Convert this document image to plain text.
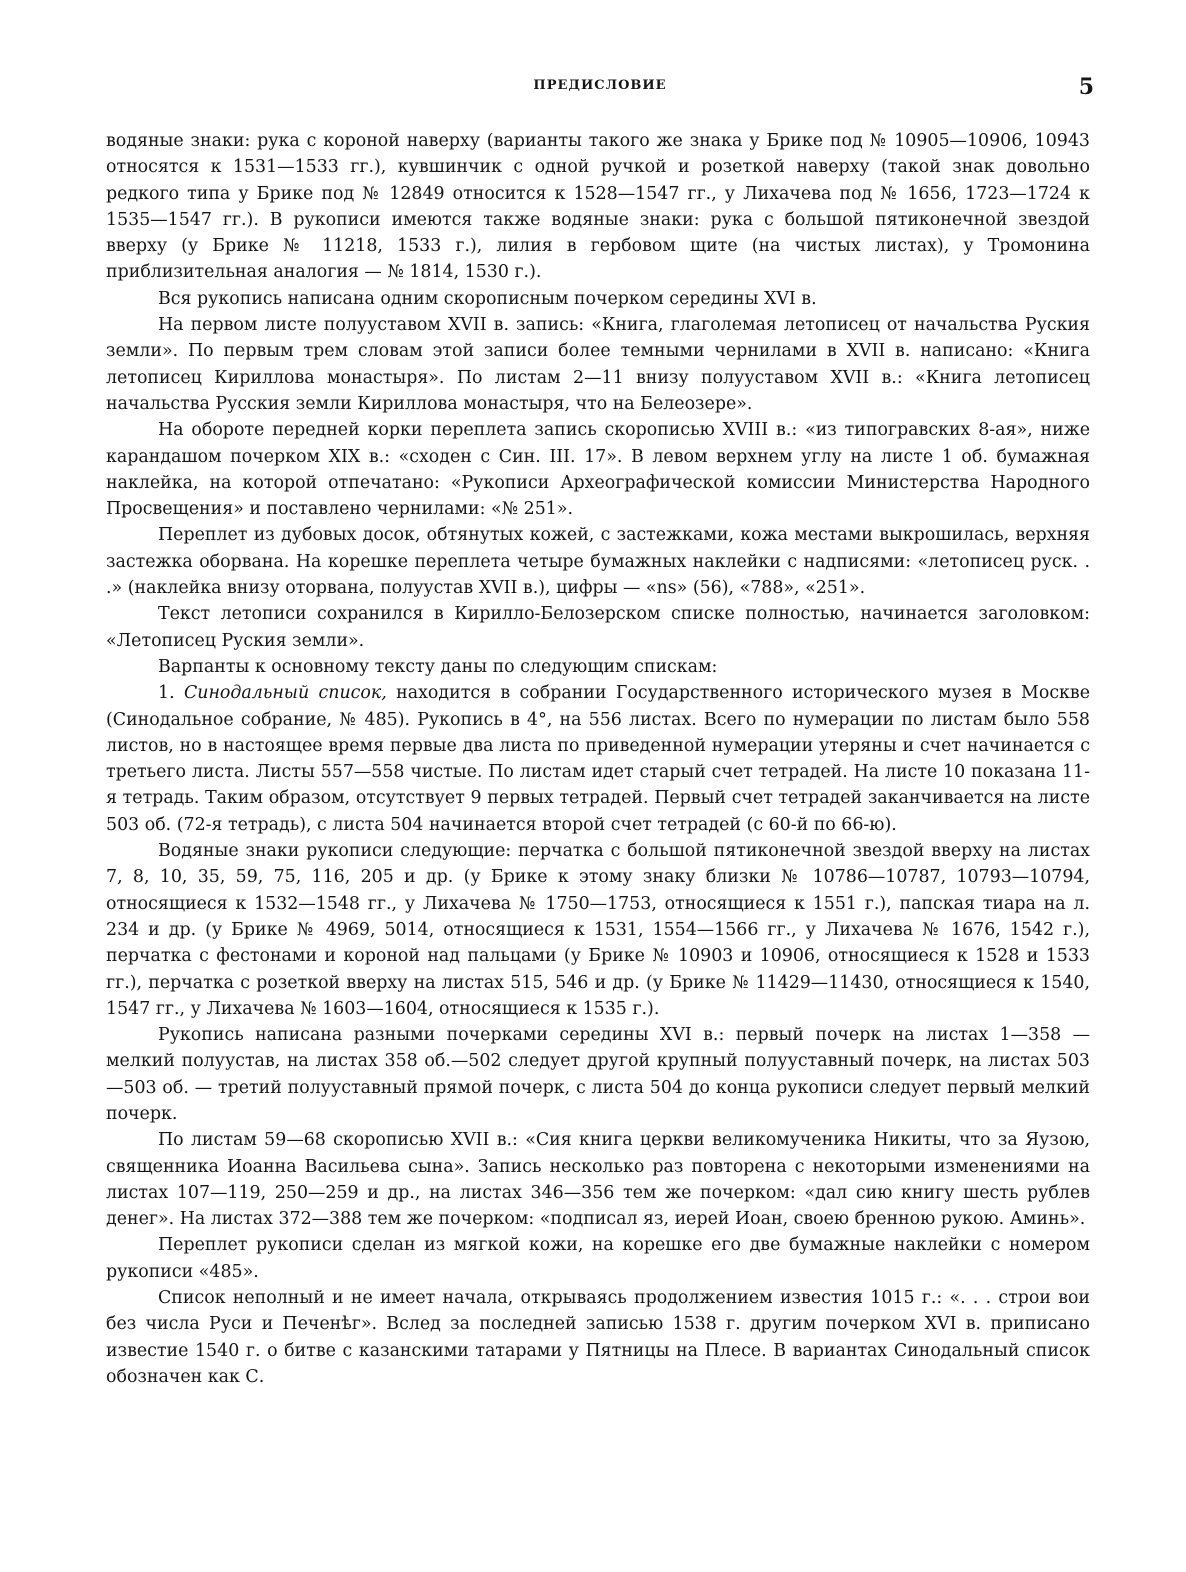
ПРЕДИСЛОВИЕ	5

водяные знаки: рука с короной наверху (варианты такого же знака у Брике под № 10905—10906, 10943 относятся к 1531—1533 гг.), кувшинчик с одной ручкой и розеткой наверху (такой знак довольно редкого типа у Брике под № 12849 относится к 1528—1547 гг., у Лихачева под № 1656, 1723—1724 к 1535—1547 гг.). В рукописи имеются также водяные знаки: рука с большой пятиконечной звездой вверху (у Брике № 11218, 1533 г.), лилия в гербовом щите (на чистых листах), у Тромонина приблизительная аналогия — № 1814, 1530 г.).

Вся рукопись написана одним скорописным почерком середины XVI в.

На первом листе полууставом XVII в. запись: «Книга, глаголемая летописец от начальства Руския земли». По первым трем словам этой записи более темными чернилами в XVII в. написано: «Книга летописец Кириллова монастыря». По листам 2—11 внизу полууставом XVII в.: «Книга летописец начальства Русския земли Кириллова монастыря, что на Белеозере».

На обороте передней корки переплета запись скорописью XVIII в.: «из типогравских 8-ая», ниже карандашом почерком XIX в.: «сходен с Син. III. 17». В левом верхнем углу на листе 1 об. бумажная наклейка, на которой отпечатано: «Рукописи Археографической комиссии Министерства Народного Просвещения» и поставлено чернилами: «№ 251».

Переплет из дубовых досок, обтянутых кожей, с застежками, кожа местами выкрошилась, верхняя застежка оборвана. На корешке переплета четыре бумажных наклейки с надписями: «летописец руск. . .» (наклейка внизу оторвана, полуустав XVII в.), цифры — «ns» (56), «788», «251».

Текст летописи сохранился в Кирилло-Белозерском списке полностью, начинается заголовком: «Летописец Руския земли».

Варпанты к основному тексту даны по следующим спискам:

1. Синодальный список, находится в собрании Государственного исторического музея в Москве (Синодальное собрание, № 485). Рукопись в 4°, на 556 листах. Всего по нумерации по листам было 558 листов, но в настоящее время первые два листа по приведенной нумерации утеряны и счет начинается с третьего листа. Листы 557—558 чистые. По листам идет старый счет тетрадей. На листе 10 показана 11-я тетрадь. Таким образом, отсутствует 9 первых тетрадей. Первый счет тетрадей заканчивается на листе 503 об. (72-я тетрадь), с листа 504 начинается второй счет тетрадей (с 60-й по 66-ю).

Водяные знаки рукописи следующие: перчатка с большой пятиконечной звездой вверху на листах 7, 8, 10, 35, 59, 75, 116, 205 и др. (у Брике к этому знаку близки № 10786—10787, 10793—10794, относящиеся к 1532—1548 гг., у Лихачева № 1750—1753, относящиеся к 1551 г.), папская тиара на л. 234 и др. (у Брике № 4969, 5014, относящиеся к 1531, 1554—1566 гг., у Лихачева № 1676, 1542 г.), перчатка с фестонами и короной над пальцами (у Брике № 10903 и 10906, относящиеся к 1528 и 1533 гг.), перчатка с розеткой вверху на листах 515, 546 и др. (у Брике № 11429—11430, относящиеся к 1540, 1547 гг., у Лихачева № 1603—1604, относящиеся к 1535 г.).

Рукопись написана разными почерками середины XVI в.: первый почерк на листах 1—358 — мелкий полуустав, на листах 358 об.—502 следует другой крупный полууставный почерк, на листах 503—503 об. — третий полууставный прямой почерк, с листа 504 до конца рукописи следует первый мелкий почерк.

По листам 59—68 скорописью XVII в.: «Сия книга церкви великомученика Никиты, что за Яузою, священника Иоанна Васильева сына». Запись несколько раз повторена с некоторыми изменениями на листах 107—119, 250—259 и др., на листах 346—356 тем же почерком: «дал сию книгу шесть рублев денег». На листах 372—388 тем же почерком: «подписал яз, иерей Иоан, своею бренною рукою. Аминь».

Переплет рукописи сделан из мягкой кожи, на корешке его две бумажные наклейки с номером рукописи «485».

Список неполный и не имеет начала, открываясь продолжением известия 1015 г.: «. . . строи вои без числа Руси и Печенѣг». Вслед за последней записью 1538 г. другим почерком XVI в. приписано известие 1540 г. о битве с казанскими татарами у Пятницы на Плесе. В вариантах Синодальный список обозначен как С.
